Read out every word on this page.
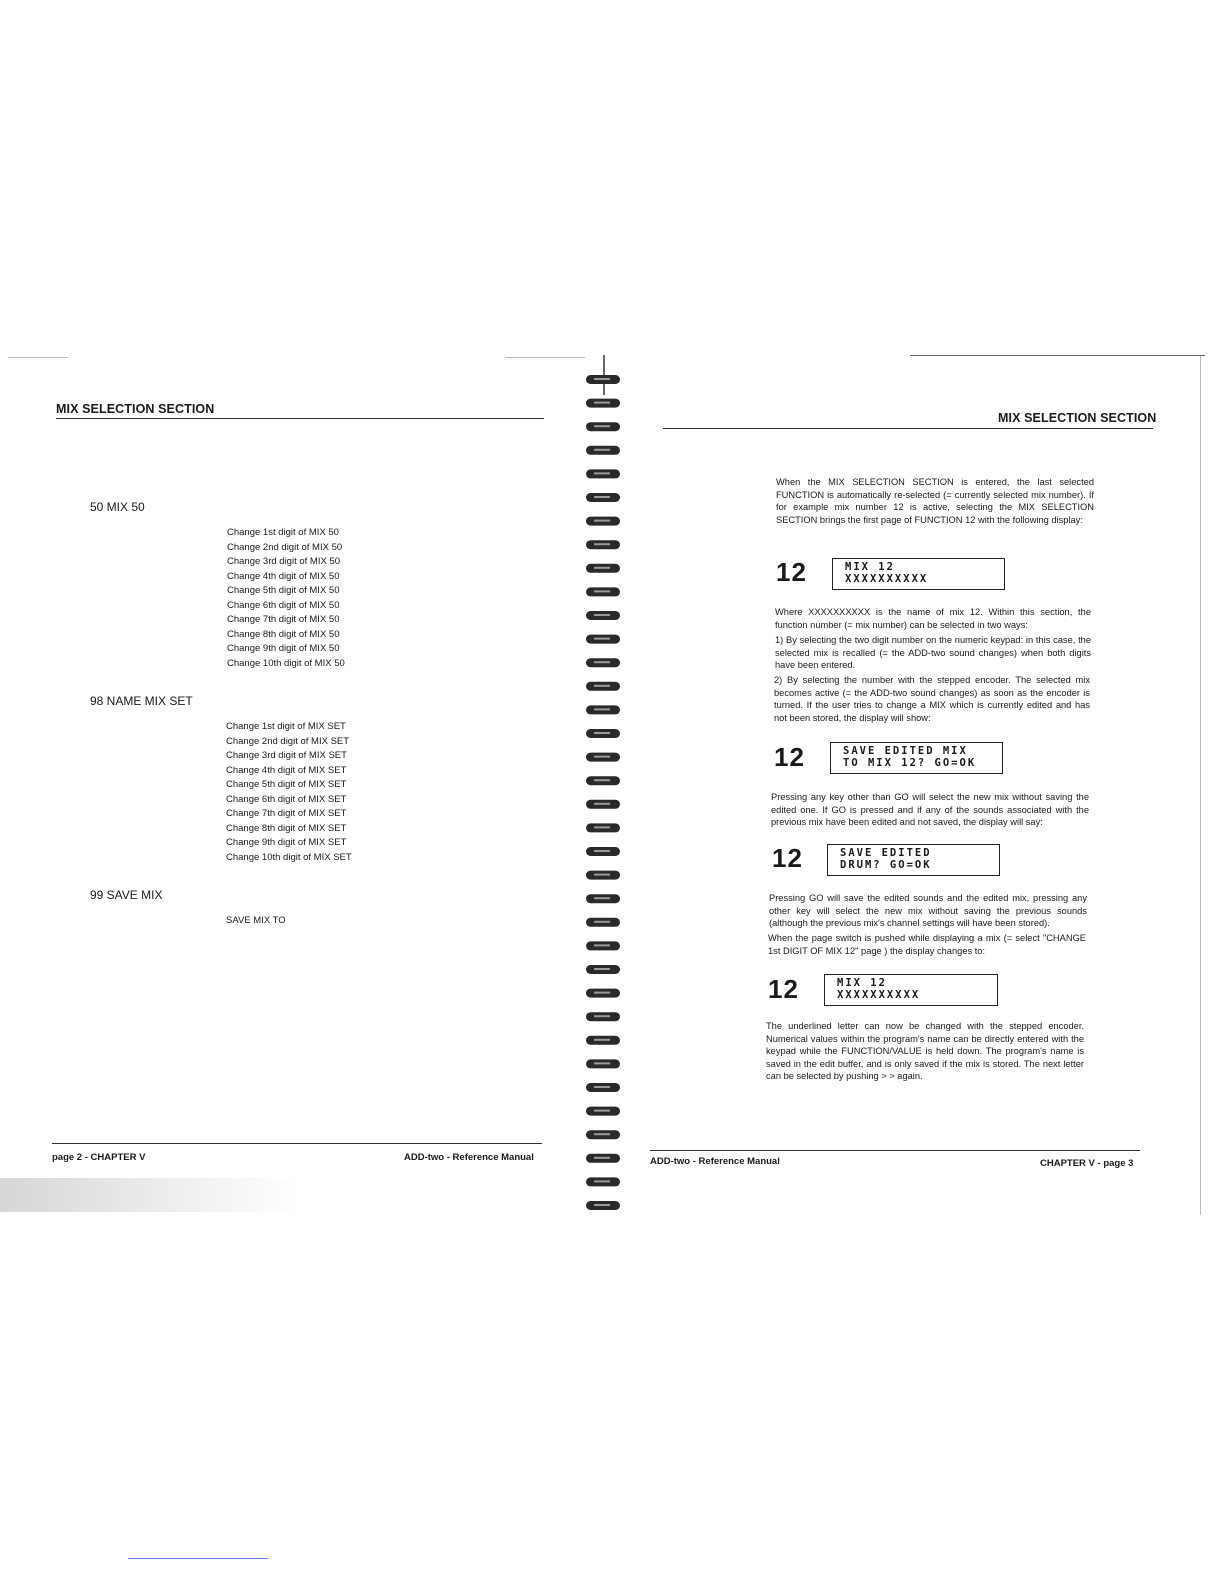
MIX SELECTION SECTION
50 MIX 50
Change 1st digit of MIX 50
Change 2nd digit of MIX 50
Change 3rd digit of MIX 50
Change 4th digit of MIX 50
Change 5th digit of MIX 50
Change 6th digit of MIX 50
Change 7th digit of MIX 50
Change 8th digit of MIX 50
Change 9th digit of MIX 50
Change 10th digit of MIX 50
98 NAME MIX SET
Change 1st digit of MIX SET
Change 2nd digit of MIX SET
Change 3rd digit of MIX SET
Change 4th digit of MIX SET
Change 5th digit of MIX SET
Change 6th digit of MIX SET
Change 7th digit of MIX SET
Change 8th digit of MIX SET
Change 9th digit of MIX SET
Change 10th digit of MIX SET
99 SAVE MIX
SAVE MIX TO
page 2 - CHAPTER V	ADD-two - Reference Manual
MIX SELECTION SECTION

When the MIX SELECTION SECTION is entered, the last selected FUNCTION is automatically re-selected (= currently selected mix number). If for example mix number 12 is active, selecting the MIX SELECTION SECTION brings the first page of FUNCTION 12 with the following display:

12	MIX 12
XXXXXXXXXX

Where XXXXXXXXXX is the name of mix 12. Within this section, the function number (= mix number) can be selected in two ways:

1) By selecting the two digit number on the numeric keypad: in this case, the selected mix is recalled (= the ADD-two sound changes) when both digits have been entered.

2) By selecting the number with the stepped encoder. The selected mix becomes active (= the ADD-two sound changes) as soon as the encoder is turned. If the user tries to change a MIX which is currently edited and has not been stored, the display will show:

12	SAVE EDITED MIX
TO MIX 12? GO=OK

Pressing any key other than GO will select the new mix without saving the edited one. If GO is pressed and if any of the sounds associated with the previous mix have been edited and not saved, the display will say:

12	SAVE EDITED
DRUM? GO=OK

Pressing GO will save the edited sounds and the edited mix, pressing any other key will select the new mix without saving the previous sounds (although the previous mix's channel settings will have been stored).

When the page switch is pushed while displaying a mix (= select "CHANGE 1st DIGIT OF MIX 12" page ) the display changes to:

12	MIX 12
XXXXXXXXXX

The underlined letter can now be changed with the stepped encoder. Numerical values within the program's name can be directly entered with the keypad while the FUNCTION/VALUE is held down. The program's name is saved in the edit buffer, and is only saved if the mix is stored. The next letter can be selected by pushing > > again.

ADD-two - Reference Manual	CHAPTER V - page 3
